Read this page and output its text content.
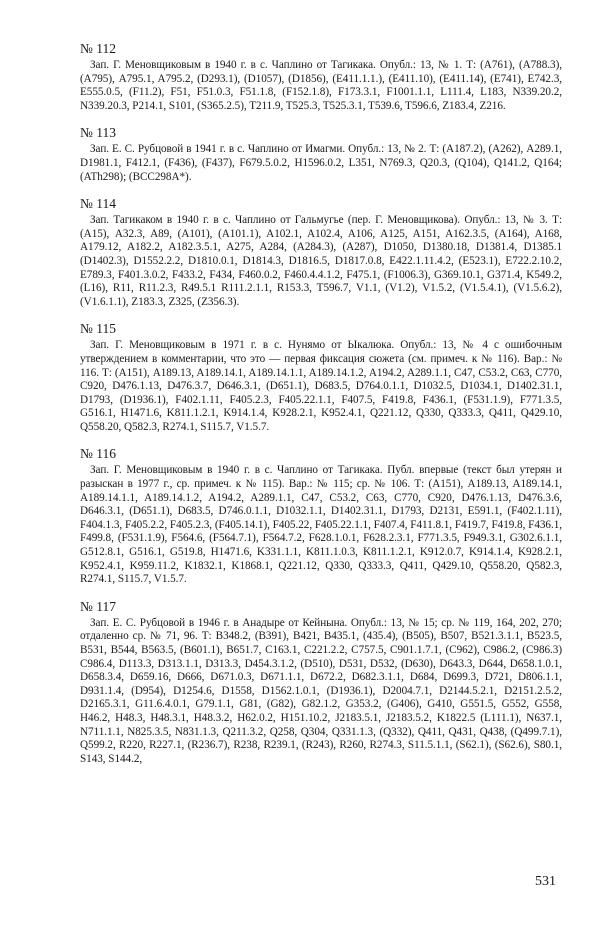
№ 112

Зап. Г. Меновщиковым в 1940 г. в с. Чаплино от Тагикака. Опубл.: 13, № 1. Т: (A761), (A788.3), (A795), A795.1, A795.2, (D293.1), (D1057), (D1856), (E411.1.1.), (E411.10), (E411.14), (E741), E742.3, E555.0.5, (F11.2), F51, F51.0.3, F51.1.8, (F152.1.8), F173.3.1, F1001.1.1, L111.4, L183, N339.20.2, N339.20.3, P214.1, S101, (S365.2.5), T211.9, T525.3, T525.3.1, T539.6, T596.6, Z183.4, Z216.

№ 113

Зап. Е. С. Рубцовой в 1941 г. в с. Чаплино от Имагми. Опубл.: 13, № 2. Т: (A187.2), (A262), A289.1, D1981.1, F412.1, (F436), (F437), F679.5.0.2, H1596.0.2, L351, N769.3, Q20.3, (Q104), Q141.2, Q164; (ATh298); (BCC298A*).

№ 114

Зап. Тагикаком в 1940 г. в с. Чаплино от Гальмугье (пер. Г. Меновщикова). Опубл.: 13, № 3. Т: (A15), A32.3, A89, (A101), (A101.1), A102.1, A102.4, A106, A125, A151, A162.3.5, (A164), A168, A179.12, A182.2, A182.3.5.1, A275, A284, (A284.3), (A287), D1050, D1380.18, D1381.4, D1385.1 (D1402.3), D1552.2.2, D1810.0.1, D1814.3, D1816.5, D1817.0.8, E422.1.11.4.2, (E523.1), E722.2.10.2, E789.3, F401.3.0.2, F433.2, F434, F460.0.2, F460.4.4.1.2, F475.1, (F1006.3), G369.10.1, G371.4, K549.2, (L16), R11, R11.2.3, R49.5.1 R111.2.1.1, R153.3, T596.7, V1.1, (V1.2), V1.5.2, (V1.5.4.1), (V1.5.6.2), (V1.6.1.1), Z183.3, Z325, (Z356.3).

№ 115

Зап. Г. Меновщиковым в 1971 г. в с. Нунямо от Ыкалюка. Опубл.: 13, № 4 с ошибочным утверждением в комментарии, что это — первая фиксация сюжета (см. примеч. к № 116). Вар.: № 116. Т: (A151), A189.13, A189.14.1, A189.14.1.1, A189.14.1.2, A194.2, A289.1.1, C47, C53.2, C63, C770, C920, D476.1.13, D476.3.7, D646.3.1, (D651.1), D683.5, D764.0.1.1, D1032.5, D1034.1, D1402.31.1, D1793, (D1936.1), F402.1.11, F405.2.3, F405.22.1.1, F407.5, F419.8, F436.1, (F531.1.9), F771.3.5, G516.1, H1471.6, K811.1.2.1, K914.1.4, K928.2.1, K952.4.1, Q221.12, Q330, Q333.3, Q411, Q429.10, Q558.20, Q582.3, R274.1, S115.7, V1.5.7.

№ 116

Зап. Г. Меновщиковым в 1940 г. в с. Чаплино от Тагикака. Публ. впервые (текст был утерян и разыскан в 1977 г., ср. примеч. к № 115). Вар.: № 115; ср. № 106. Т: (A151), A189.13, A189.14.1, A189.14.1.1, A189.14.1.2, A194.2, A289.1.1, C47, C53.2, C63, C770, C920, D476.1.13, D476.3.6, D646.3.1, (D651.1), D683.5, D746.0.1.1, D1032.1.1, D1402.31.1, D1793, D2131, E591.1, (F402.1.11), F404.1.3, F405.2.2, F405.2.3, (F405.14.1), F405.22, F405.22.1.1, F407.4, F411.8.1, F419.7, F419.8, F436.1, F499.8, (F531.1.9), F564.6, (F564.7.1), F564.7.2, F628.1.0.1, F628.2.3.1, F771.3.5, F949.3.1, G302.6.1.1, G512.8.1, G516.1, G519.8, H1471.6, K331.1.1, K811.1.0.3, K811.1.2.1, K912.0.7, K914.1.4, K928.2.1, K952.4.1, K959.11.2, K1832.1, K1868.1, Q221.12, Q330, Q333.3, Q411, Q429.10, Q558.20, Q582.3, R274.1, S115.7, V1.5.7.

№ 117

Зап. Е. С. Рубцовой в 1946 г. в Анадыре от Кейнына. Опубл.: 13, № 15; ср. № 119, 164, 202, 270; отдаленно ср. № 71, 96. Т: B348.2, (B391), B421, B435.1, (435.4), (B505), B507, B521.3.1.1, B523.5, B531, B544, B563.5, (B601.1), B651.7, C163.1, C221.2.2, C757.5, C901.1.7.1, (C962), C986.2, (C986.3) C986.4, D113.3, D313.1.1, D313.3, D454.3.1.2, (D510), D531, D532, (D630), D643.3, D644, D658.1.0.1, D658.3.4, D659.16, D666, D671.0.3, D671.1.1, D672.2, D682.3.1.1, D684, D699.3, D721, D806.1.1, D931.1.4, (D954), D1254.6, D1558, D1562.1.0.1, (D1936.1), D2004.7.1, D2144.5.2.1, D2151.2.5.2, D2165.3.1, G11.6.4.0.1, G79.1.1, G81, (G82), G82.1.2, G353.2, (G406), G410, G551.5, G552, G558, H46.2, H48.3, H48.3.1, H48.3.2, H62.0.2, H151.10.2, J2183.5.1, J2183.5.2, K1822.5 (L111.1), N637.1, N711.1.1, N825.3.5, N831.1.3, Q211.3.2, Q258, Q304, Q331.1.3, (Q332), Q411, Q431, Q438, (Q499.7.1), Q599.2, R220, R227.1, (R236.7), R238, R239.1, (R243), R260, R274.3, S11.5.1.1, (S62.1), (S62.6), S80.1, S143, S144.2,

531
